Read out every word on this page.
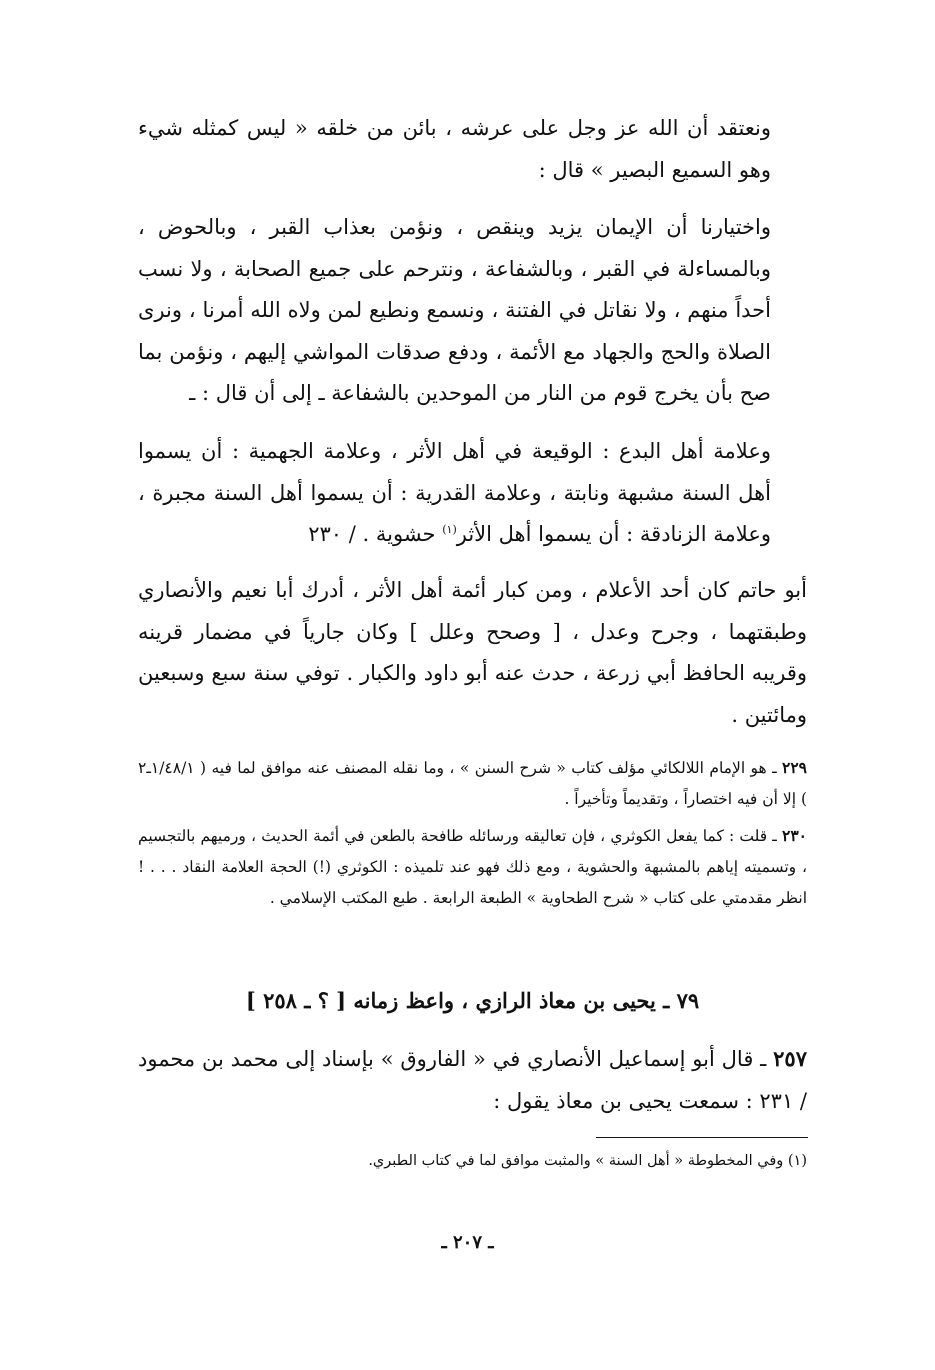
ونعتقد أن الله عز وجل على عرشه ، بائن من خلقه « ليس كمثله شيء وهو السميع البصير » قال :

واختيارنا أن الإيمان يزيد وينقص ، ونؤمن بعذاب القبر ، وبالحوض ، وبالمساءلة في القبر ، وبالشفاعة ، ونترحم على جميع الصحابة ، ولا نسب أحداً منهم ، ولا نقاتل في الفتنة ، ونسمع ونطيع لمن ولاه الله أمرنا ، ونرى الصلاة والحج والجهاد مع الأئمة ، ودفع صدقات المواشي إليهم ، ونؤمن بما صح بأن يخرج قوم من النار من الموحدين بالشفاعة ـ إلى أن قال : ـ

وعلامة أهل البدع : الوقيعة في أهل الأثر ، وعلامة الجهمية : أن يسموا أهل السنة مشبهة ونابتة ، وعلامة القدرية : أن يسموا أهل السنة مجبرة ، وعلامة الزنادقة : أن يسموا أهل الأثر$^{(١)}$ حشوية . / ٢٣٠

أبو حاتم كان أحد الأعلام ، ومن كبار أئمة أهل الأثر ، أدرك أبا نعيم والأنصاري وطبقتهما ، وجرح وعدل ، [ وصحح وعلل ] وكان جارياً في مضمار قرينه وقريبه الحافظ أبي زرعة ، حدث عنه أبو داود والكبار . توفي سنة سبع وسبعين ومائتين .

٢٢٩ ـ هو الإمام اللالكائي مؤلف كتاب « شرح السنن » ، وما نقله المصنف عنه موافق لما فيه ( ١/٤٨/١ـ٢ ) إلا أن فيه اختصاراً ، وتقديماً وتأخيراً .

٢٣٠ ـ قلت : كما يفعل الكوثري ، فإن تعاليقه ورسائله طافحة بالطعن في أئمة الحديث ، ورميهم بالتجسيم ، وتسميته إياهم بالمشبهة والحشوية ، ومع ذلك فهو عند تلميذه : الكوثري (!) الحجة العلامة النقاد . . . ! انظر مقدمتي على كتاب « شرح الطحاوية » الطبعة الرابعة . طبع المكتب الإسلامي .

٧٩ ـ يحيى بن معاذ الرازي ، واعظ زمانه [ ؟ ـ ٢٥٨ ]

٢٥٧ ـ قال أبو إسماعيل الأنصاري في « الفاروق » بإسناد إلى محمد بن محمود / ٢٣١ : سمعت يحيى بن معاذ يقول :

(١) وفي المخطوطة « أهل السنة » والمثبت موافق لما في كتاب الطبري.
ـ ٢٠٧ ـ
